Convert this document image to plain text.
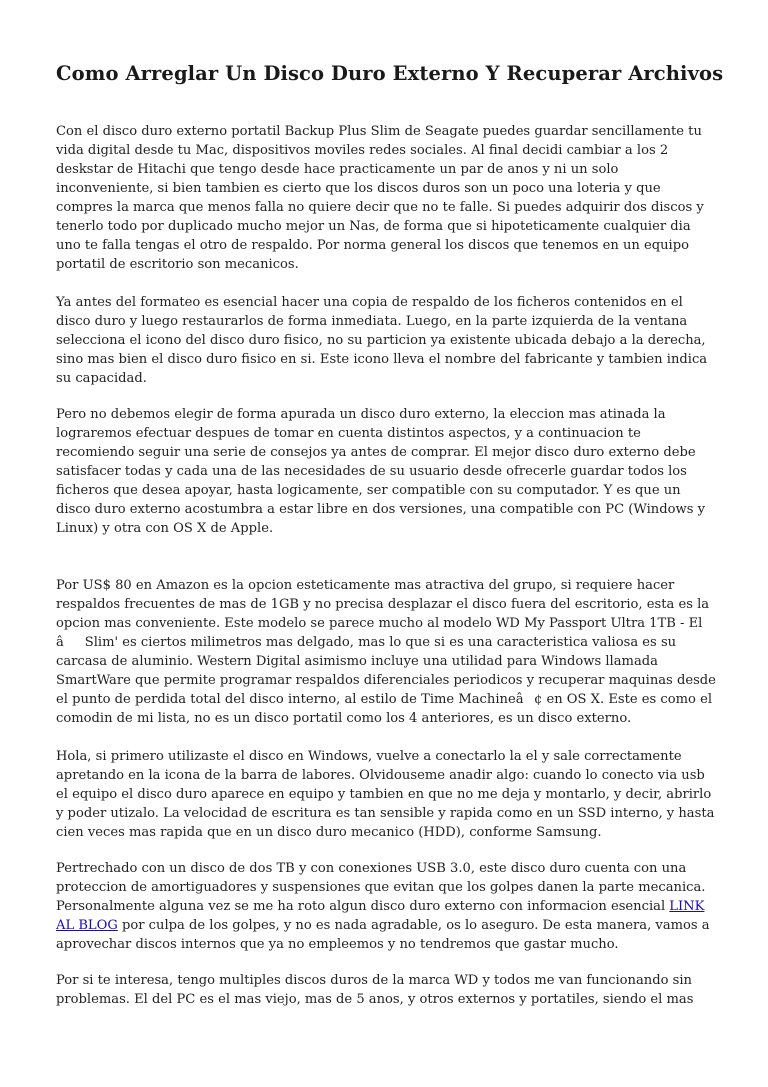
Como Arreglar Un Disco Duro Externo Y Recuperar Archivos

Con el disco duro externo portatil Backup Plus Slim de Seagate puedes guardar sencillamente tu vida digital desde tu Mac, dispositivos moviles redes sociales. Al final decidi cambiar a los 2 deskstar de Hitachi que tengo desde hace practicamente un par de anos y ni un solo inconveniente, si bien tambien es cierto que los discos duros son un poco una loteria y que compres la marca que menos falla no quiere decir que no te falle. Si puedes adquirir dos discos y tenerlo todo por duplicado mucho mejor un Nas, de forma que si hipoteticamente cualquier dia uno te falla tengas el otro de respaldo. Por norma general los discos que tenemos en un equipo portatil de escritorio son mecanicos.

Ya antes del formateo es esencial hacer una copia de respaldo de los ficheros contenidos en el disco duro y luego restaurarlos de forma inmediata. Luego, en la parte izquierda de la ventana selecciona el icono del disco duro fisico, no su particion ya existente ubicada debajo a la derecha, sino mas bien el disco duro fisico en si. Este icono lleva el nombre del fabricante y tambien indica su capacidad.

Pero no debemos elegir de forma apurada un disco duro externo, la eleccion mas atinada la lograremos efectuar despues de tomar en cuenta distintos aspectos, y a continuacion te recomiendo seguir una serie de consejos ya antes de comprar. El mejor disco duro externo debe satisfacer todas y cada una de las necesidades de su usuario desde ofrecerle guardar todos los ficheros que desea apoyar, hasta logicamente, ser compatible con su computador. Y es que un disco duro externo acostumbra a estar libre en dos versiones, una compatible con PC (Windows y Linux) y otra con OS X de Apple.

Por US$ 80 en Amazon es la opcion esteticamente mas atractiva del grupo, si requiere hacer respaldos frecuentes de mas de 1GB y no precisa desplazar el disco fuera del escritorio, esta es la opcion mas conveniente. Este modelo se parece mucho al modelo WD My Passport Ultra 1TB - El âSlim' es ciertos milimetros mas delgado, mas lo que si es una caracteristica valiosa es su carcasa de aluminio. Western Digital asimismo incluye una utilidad para Windows llamada SmartWare que permite programar respaldos diferenciales periodicos y recuperar maquinas desde el punto de perdida total del disco interno, al estilo de Time Machineâ¢ en OS X. Este es como el comodin de mi lista, no es un disco portatil como los 4 anteriores, es un disco externo.

Hola, si primero utilizaste el disco en Windows, vuelve a conectarlo la el y sale correctamente apretando en la icona de la barra de labores. Olvidouseme anadir algo: cuando lo conecto via usb el equipo el disco duro aparece en equipo y tambien en que no me deja y montarlo, y decir, abrirlo y poder utizalo. La velocidad de escritura es tan sensible y rapida como en un SSD interno, y hasta cien veces mas rapida que en un disco duro mecanico (HDD), conforme Samsung.

Pertrechado con un disco de dos TB y con conexiones USB 3.0, este disco duro cuenta con una proteccion de amortiguadores y suspensiones que evitan que los golpes danen la parte mecanica. Personalmente alguna vez se me ha roto algun disco duro externo con informacion esencial LINK AL BLOG por culpa de los golpes, y no es nada agradable, os lo aseguro. De esta manera, vamos a aprovechar discos internos que ya no empleemos y no tendremos que gastar mucho.

Por si te interesa, tengo multiples discos duros de la marca WD y todos me van funcionando sin problemas. El del PC es el mas viejo, mas de 5 anos, y otros externos y portatiles, siendo el mas
